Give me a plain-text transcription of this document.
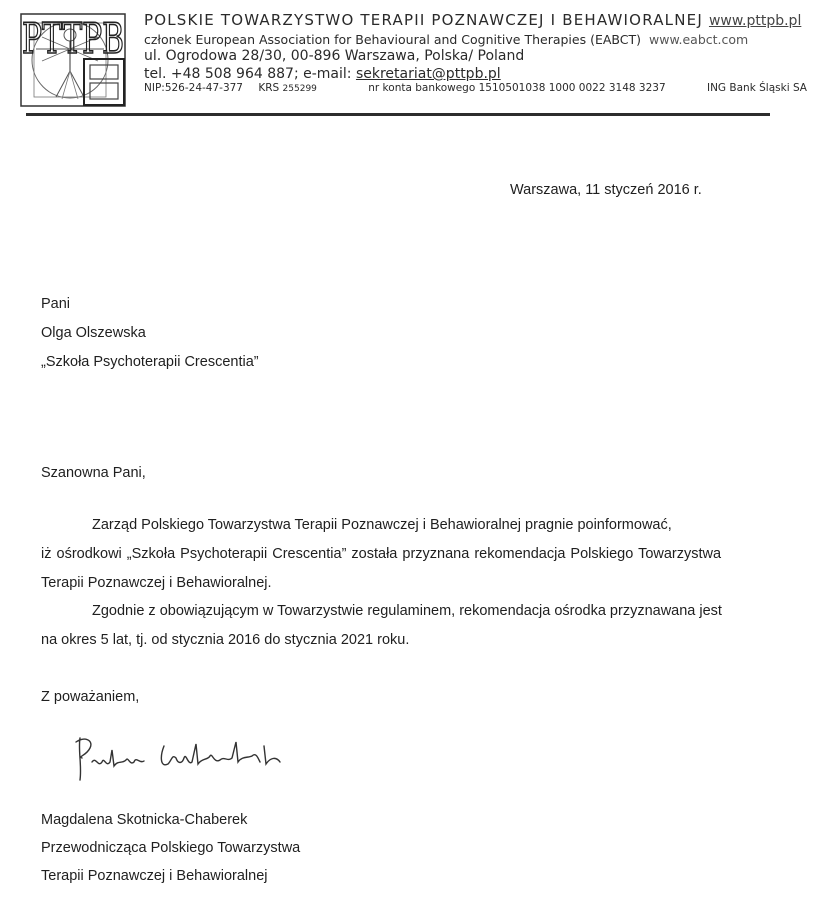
PTTPB POLSKIE TOWARZYSTWO TERAPII POZNAWCZEJ I BEHAWIORALNEJ www.pttpb.pl
członek European Association for Behavioural and Cognitive Therapies (EABCT) www.eabct.com
ul. Ogrodowa 28/30, 00-896 Warszawa, Polska/ Poland
tel. +48 508 964 887; e-mail: sekretariat@pttpb.pl
NIP:526-24-47-377 KRS 255299	nr konta bankowego 1510501038 1000 0022 3148 3237	ING Bank Śląski SA
Warszawa, 11 styczeń 2016 r.
Pani
Olga Olszewska
„Szkoła Psychoterapii Crescentia”
Szanowna Pani,
Zarząd Polskiego Towarzystwa Terapii Poznawczej i Behawioralnej pragnie poinformować,
iż ośrodkowi „Szkoła Psychoterapii Crescentia” została przyznana rekomendacja Polskiego Towarzystwa
Terapii Poznawczej i Behawioralnej.
Zgodnie z obowiązującym w Towarzystwie regulaminem, rekomendacja ośrodka przyznawana jest
na okres 5 lat, tj. od stycznia 2016 do stycznia 2021 roku.
Z poważaniem,
Magdalena Skotnicka-Chaberek
Przewodnicząca Polskiego Towarzystwa
Terapii Poznawczej i Behawioralnej
